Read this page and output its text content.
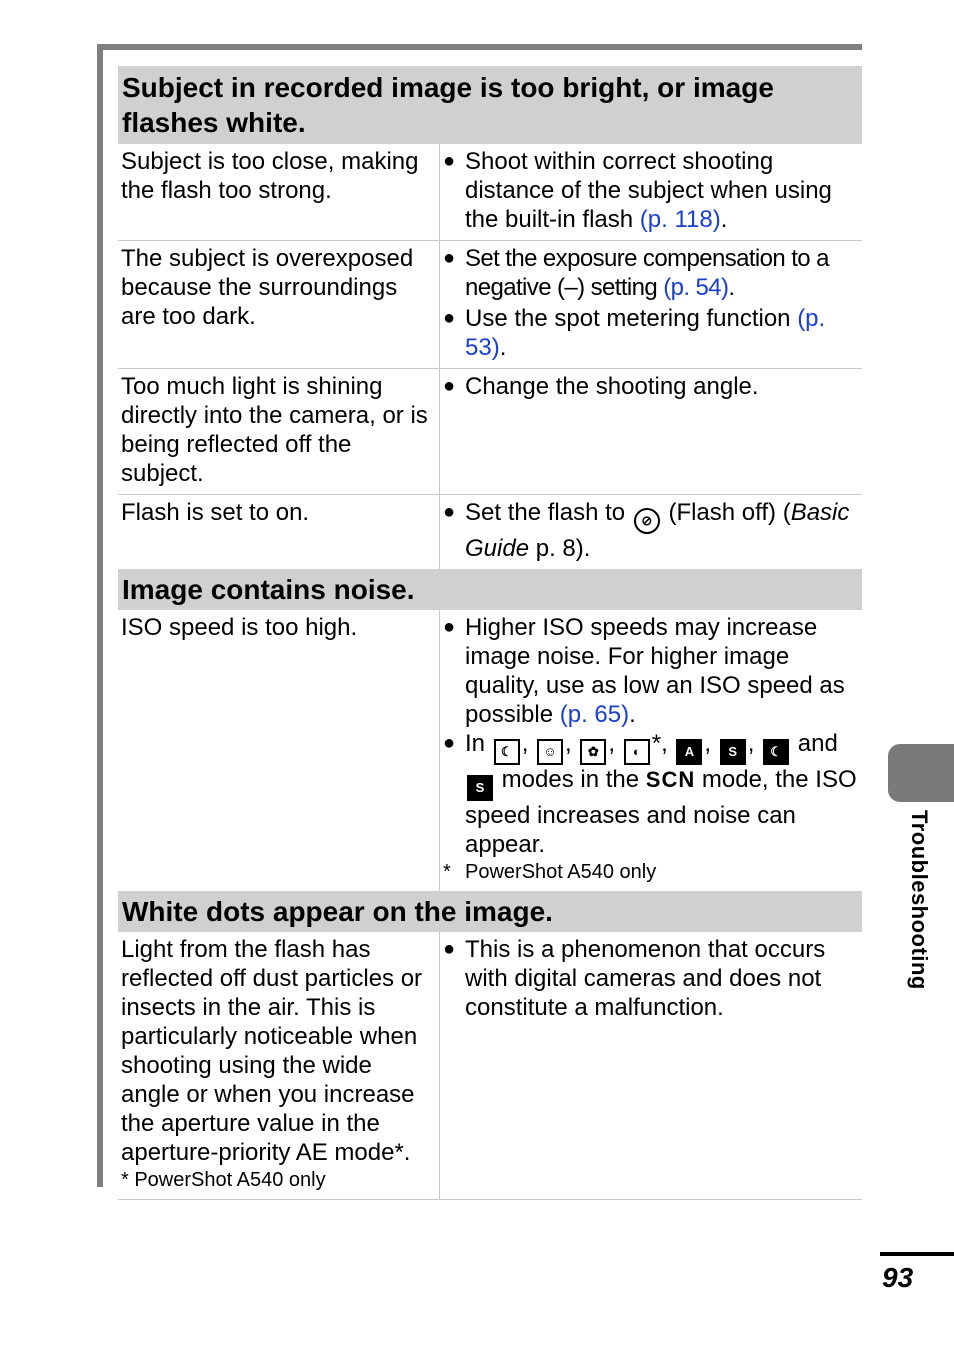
Subject in recorded image is too bright, or image flashes white.
Subject is too close, making the flash too strong.
● Shoot within correct shooting distance of the subject when using the built-in flash (p. 118).
The subject is overexposed because the surroundings are too dark.
● Set the exposure compensation to a negative (–) setting (p. 54).
● Use the spot metering function (p. 53).
Too much light is shining directly into the camera, or is being reflected off the subject.
● Change the shooting angle.
Flash is set to on.	● Set the flash to ⊘ (Flash off) (Basic Guide p. 8).
Image contains noise.
ISO speed is too high.	● Higher ISO speeds may increase image noise. For higher image quality, use as low an ISO speed as possible (p. 65).
● In ☾ , ☺ , ✿ , ◐ *, A , S , ☾ and S modes in the SCN mode, the ISO speed increases and noise can appear.
* PowerShot A540 only
White dots appear on the image.
Light from the flash has reflected off dust particles or insects in the air. This is particularly noticeable when shooting using the wide angle or when you increase the aperture value in the aperture-priority AE mode*.
* PowerShot A540 only
● This is a phenomenon that occurs with digital cameras and does not constitute a malfunction.
Troubleshooting
93
